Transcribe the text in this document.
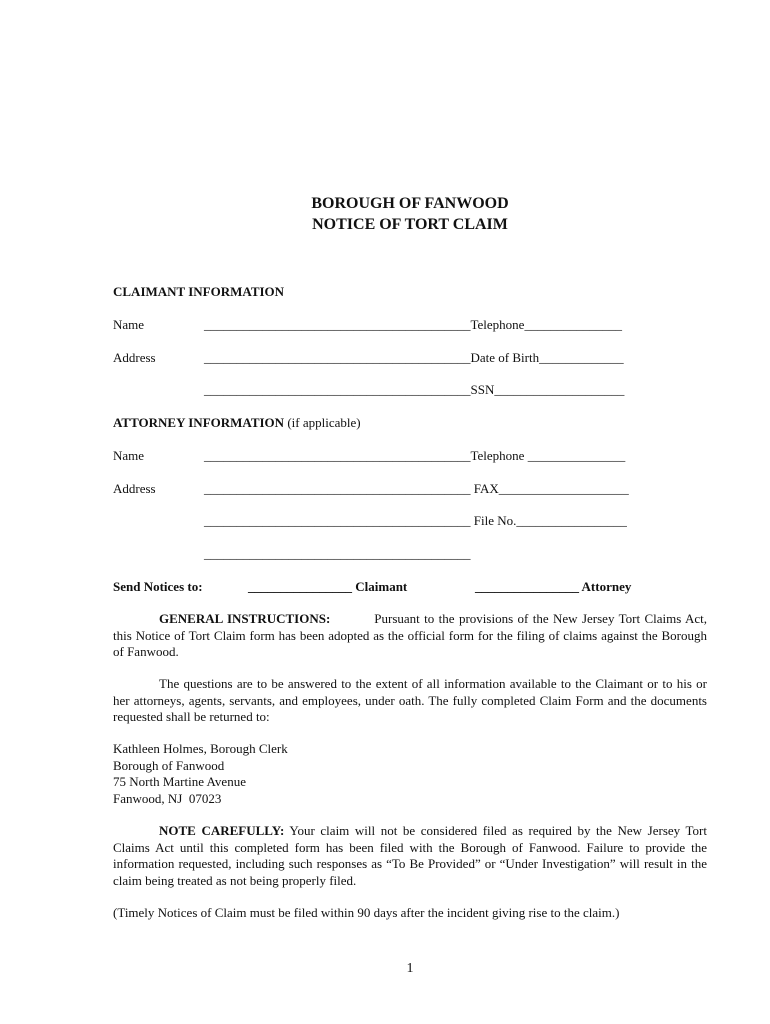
BOROUGH OF FANWOOD
NOTICE OF TORT CLAIM
CLAIMANT INFORMATION
Name	_________________________________________Telephone_______________
Address	_________________________________________Date of Birth_____________
_________________________________________SSN____________________
ATTORNEY INFORMATION (if applicable)
Name	_________________________________________Telephone _______________
Address	_________________________________________ FAX____________________
_________________________________________ File No._________________
_________________________________________
Send Notices to:	________________ Claimant	________________ Attorney
GENERAL INSTRUCTIONS:	Pursuant to the provisions of the New Jersey Tort Claims Act, this Notice of Tort Claim form has been adopted as the official form for the filing of claims against the Borough of Fanwood.
The questions are to be answered to the extent of all information available to the Claimant or to his or her attorneys, agents, servants, and employees, under oath. The fully completed Claim Form and the documents requested shall be returned to:
Kathleen Holmes, Borough Clerk
Borough of Fanwood
75 North Martine Avenue
Fanwood, NJ  07023
NOTE CAREFULLY: Your claim will not be considered filed as required by the New Jersey Tort Claims Act until this completed form has been filed with the Borough of Fanwood. Failure to provide the information requested, including such responses as “To Be Provided” or “Under Investigation” will result in the claim being treated as not being properly filed.
(Timely Notices of Claim must be filed within 90 days after the incident giving rise to the claim.)
1
